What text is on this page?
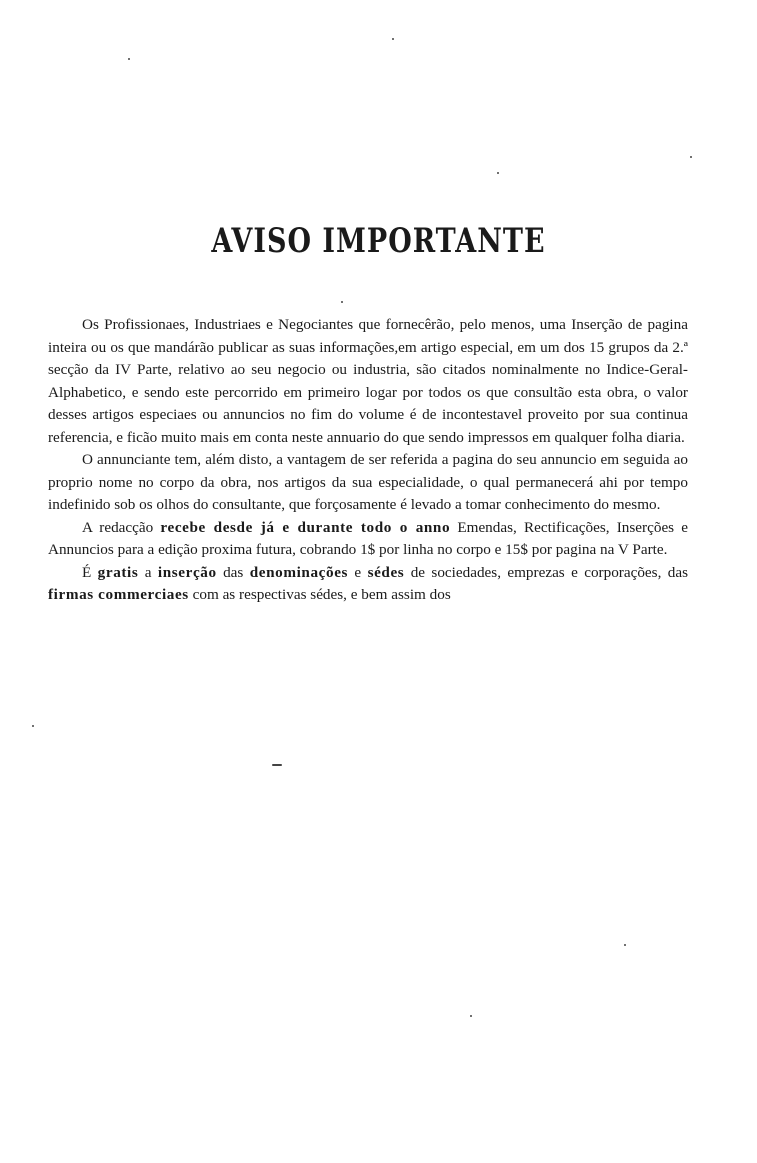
AVISO IMPORTANTE

Os Profissionaes, Industriaes e Negociantes que fornecêrão, pelo menos, uma Inserção de pagina inteira ou os que mandárão publicar as suas informações,em artigo especial, em um dos 15 grupos da 2.ª secção da IV Parte, relativo ao seu negocio ou industria, são citados nominalmente no Indice-Geral-Alphabetico, e sendo este percorrido em primeiro logar por todos os que consultão esta obra, o valor desses artigos especiaes ou annuncios no fim do volume é de incontestavel proveito por sua continua referencia, e ficão muito mais em conta neste annuario do que sendo impressos em qualquer folha diaria.

O annunciante tem, além disto, a vantagem de ser referida a pagina do seu annuncio em seguida ao proprio nome no corpo da obra, nos artigos da sua especialidade, o qual permanecerá ahi por tempo indefinido sob os olhos do consultante, que forçosamente é levado a tomar conhecimento do mesmo.

A redacção recebe desde já e durante todo o anno Emendas, Rectificações, Inserções e Annuncios para a edição proxima futura, cobrando 1$ por linha no corpo e 15$ por pagina na V Parte.

É gratis a inserção das denominações e sédes de sociedades, emprezas e corporações, das firmas commerciaes com as respectivas sédes, e bem assim dos
